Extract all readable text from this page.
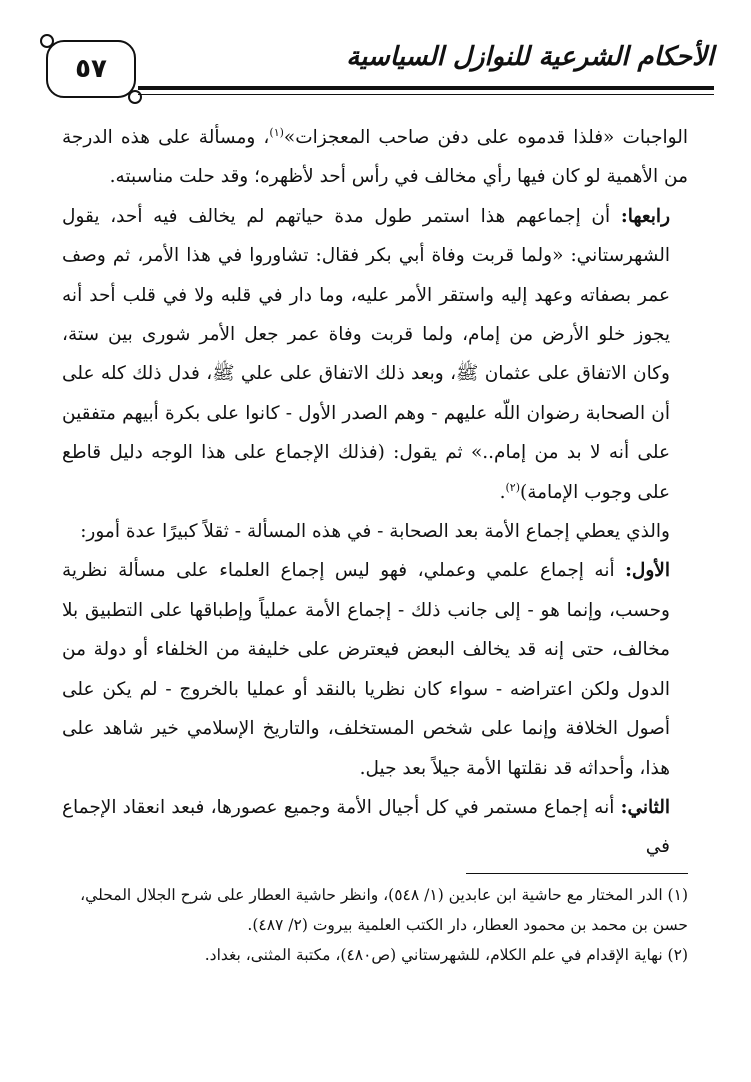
٥٧	الأحكام الشرعية للنوازل السياسية

الواجبات «فلذا قدموه على دفن صاحب المعجزات»$^{(١)}$، ومسألة على هذه الدرجة من الأهمية لو كان فيها رأي مخالف في رأس أحد لأظهره؛ وقد حلت مناسبته.

رابعها: أن إجماعهم هذا استمر طول مدة حياتهم لم يخالف فيه أحد، يقول الشهرستاني: «ولما قربت وفاة أبي بكر فقال: تشاوروا في هذا الأمر، ثم وصف عمر بصفاته وعهد إليه واستقر الأمر عليه، وما دار في قلبه ولا في قلب أحد أنه يجوز خلو الأرض من إمام، ولما قربت وفاة عمر جعل الأمر شورى بين ستة، وكان الاتفاق على عثمان ﷺ، وبعد ذلك الاتفاق على علي ﷺ، فدل ذلك كله على أن الصحابة رضوان اللّه عليهم - وهم الصدر الأول - كانوا على بكرة أبيهم متفقين على أنه لا بد من إمام..» ثم يقول: (فذلك الإجماع على هذا الوجه دليل قاطع على وجوب الإمامة)$^{(٢)}$.

والذي يعطي إجماع الأمة بعد الصحابة - في هذه المسألة - ثقلاً كبيرًا عدة أمور:

الأول: أنه إجماع علمي وعملي، فهو ليس إجماع العلماء على مسألة نظرية وحسب، وإنما هو - إلى جانب ذلك - إجماع الأمة عملياً وإطباقها على التطبيق بلا مخالف، حتى إنه قد يخالف البعض فيعترض على خليفة من الخلفاء أو دولة من الدول ولكن اعتراضه - سواء كان نظريا بالنقد أو عمليا بالخروج - لم يكن على أصول الخلافة وإنما على شخص المستخلف، والتاريخ الإسلامي خير شاهد على هذا، وأحداثه قد نقلتها الأمة جيلاً بعد جيل.

الثاني: أنه إجماع مستمر في كل أجيال الأمة وجميع عصورها، فبعد انعقاد الإجماع في

(١) الدر المختار مع حاشية ابن عابدين (١/ ٥٤٨)، وانظر حاشية العطار على شرح الجلال المحلي،

حسن بن محمد بن محمود العطار، دار الكتب العلمية بيروت (٢/ ٤٨٧).

(٢) نهاية الإقدام في علم الكلام، للشهرستاني (ص٤٨٠)، مكتبة المثنى، بغداد.
